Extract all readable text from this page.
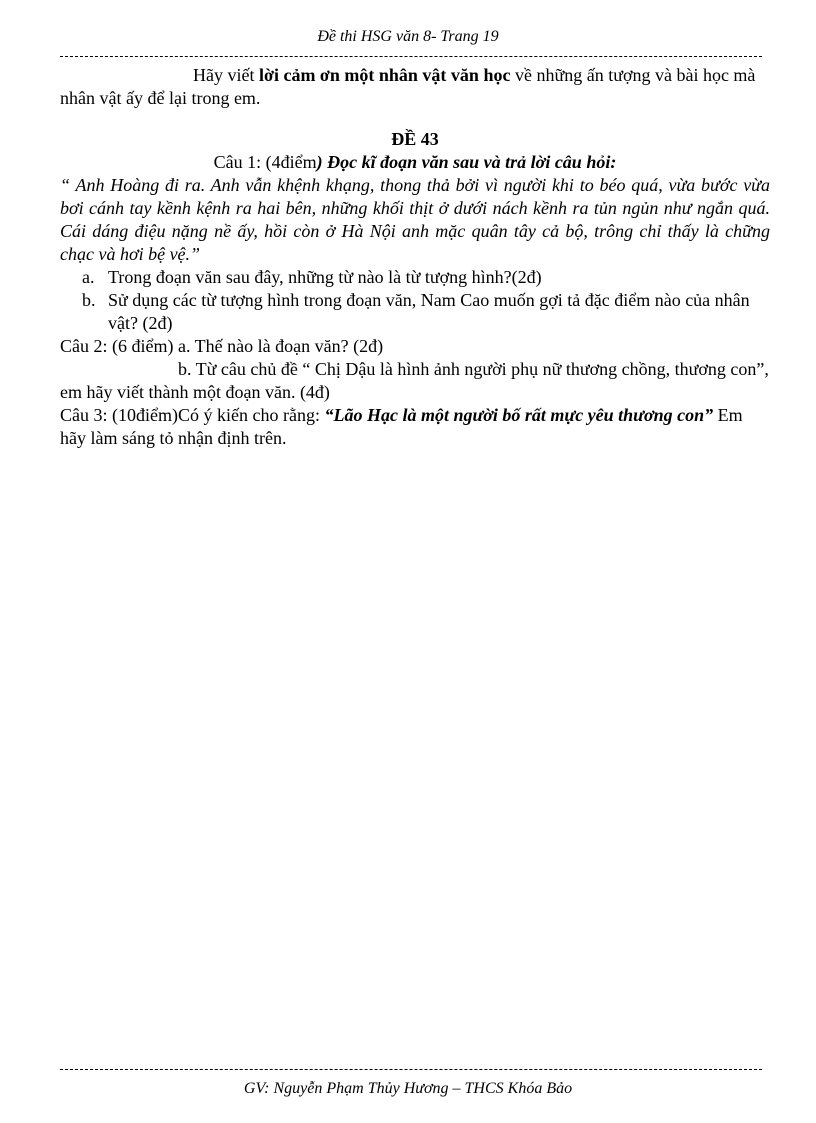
Đề thi HSG văn 8- Trang 19

Hãy viết lời cảm ơn một nhân vật văn học về những ấn tượng và bài học mà nhân vật ấy để lại trong em.

ĐỀ 43

Câu 1: (4điểm) Đọc kĩ đoạn văn sau và trả lời câu hỏi:

“ Anh Hoàng đi ra. Anh vẫn khệnh khạng, thong thả bởi vì người khi to béo quá, vừa bước vừa bơi cánh tay kềnh kệnh ra hai bên, những khối thịt ở dưới nách kềnh ra tủn ngủn như ngắn quá. Cái dáng điệu nặng nề ấy, hồi còn ở Hà Nội anh mặc quân tây cả bộ, trông chỉ thấy là chững chạc và hơi bệ vệ.”

a. Trong đoạn văn sau đây, những từ nào là từ tượng hình?(2đ)
b. Sử dụng các từ tượng hình trong đoạn văn, Nam Cao muốn gợi tả đặc điểm nào của nhân vật? (2đ)

Câu 2: (6 điểm) a. Thế nào là đoạn văn? (2đ)

b. Từ câu chủ đề “ Chị Dậu là hình ảnh người phụ nữ thương chồng, thương con”, em hãy viết thành một đoạn văn. (4đ)

Câu 3: (10điểm)Có ý kiến cho rằng: “Lão Hạc là một người bố rất mực yêu thương con” Em hãy làm sáng tỏ nhận định trên.

GV: Nguyễn Phạm Thủy Hương – THCS Khóa Bảo
